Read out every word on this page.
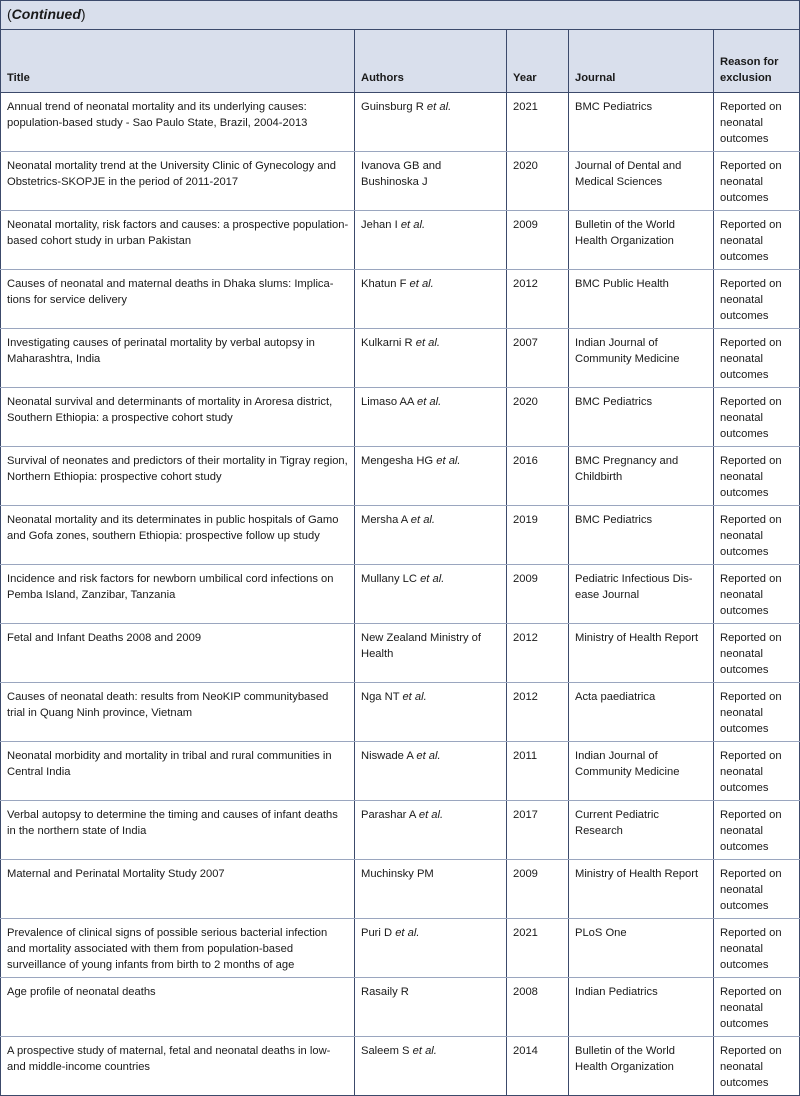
(Continued)				
Title	Authors	Year	Journal	Reason for exclusion
Annual trend of neonatal mortality and its underlying causes: population-based study - Sao Paulo State, Brazil, 2004-2013	Guinsburg R et al.	2021	BMC Pediatrics	Reported on neonatal outcomes
Neonatal mortality trend at the University Clinic of Gynecology and Obstetrics-SKOPJE in the period of 2011-2017	Ivanova GB and Bushinoska J	2020	Journal of Dental and Medical Sciences	Reported on neonatal outcomes
Neonatal mortality, risk factors and causes: a prospective population-based cohort study in urban Pakistan	Jehan I et al.	2009	Bulletin of the World Health Organization	Reported on neonatal outcomes
Causes of neonatal and maternal deaths in Dhaka slums: Implica-tions for service delivery	Khatun F et al.	2012	BMC Public Health	Reported on neonatal outcomes
Investigating causes of perinatal mortality by verbal autopsy in Maharashtra, India	Kulkarni R et al.	2007	Indian Journal of Community Medicine	Reported on neonatal outcomes
Neonatal survival and determinants of mortality in Aroresa district, Southern Ethiopia: a prospective cohort study	Limaso AA et al.	2020	BMC Pediatrics	Reported on neonatal outcomes
Survival of neonates and predictors of their mortality in Tigray region, Northern Ethiopia: prospective cohort study	Mengesha HG et al.	2016	BMC Pregnancy and Childbirth	Reported on neonatal outcomes
Neonatal mortality and its determinates in public hospitals of Gamo and Gofa zones, southern Ethiopia: prospective follow up study	Mersha A et al.	2019	BMC Pediatrics	Reported on neonatal outcomes
Incidence and risk factors for newborn umbilical cord infections on Pemba Island, Zanzibar, Tanzania	Mullany LC et al.	2009	Pediatric Infectious Dis-ease Journal	Reported on neonatal outcomes
Fetal and Infant Deaths 2008 and 2009	New Zealand Ministry of Health	2012	Ministry of Health Report	Reported on neonatal outcomes
Causes of neonatal death: results from NeoKIP communitybased trial in Quang Ninh province, Vietnam	Nga NT et al.	2012	Acta paediatrica	Reported on neonatal outcomes
Neonatal morbidity and mortality in tribal and rural communities in Central India	Niswade A et al.	2011	Indian Journal of Community Medicine	Reported on neonatal outcomes
Verbal autopsy to determine the timing and causes of infant deaths in the northern state of India	Parashar A et al.	2017	Current Pediatric Research	Reported on neonatal outcomes
Maternal and Perinatal Mortality Study 2007	Muchinsky PM	2009	Ministry of Health Report	Reported on neonatal outcomes
Prevalence of clinical signs of possible serious bacterial infection and mortality associated with them from population-based surveillance of young infants from birth to 2 months of age	Puri D et al.	2021	PLoS One	Reported on neonatal outcomes
Age profile of neonatal deaths	Rasaily R	2008	Indian Pediatrics	Reported on neonatal outcomes
A prospective study of maternal, fetal and neonatal deaths in low-and middle-income countries	Saleem S et al.	2014	Bulletin of the World Health Organization	Reported on neonatal outcomes
